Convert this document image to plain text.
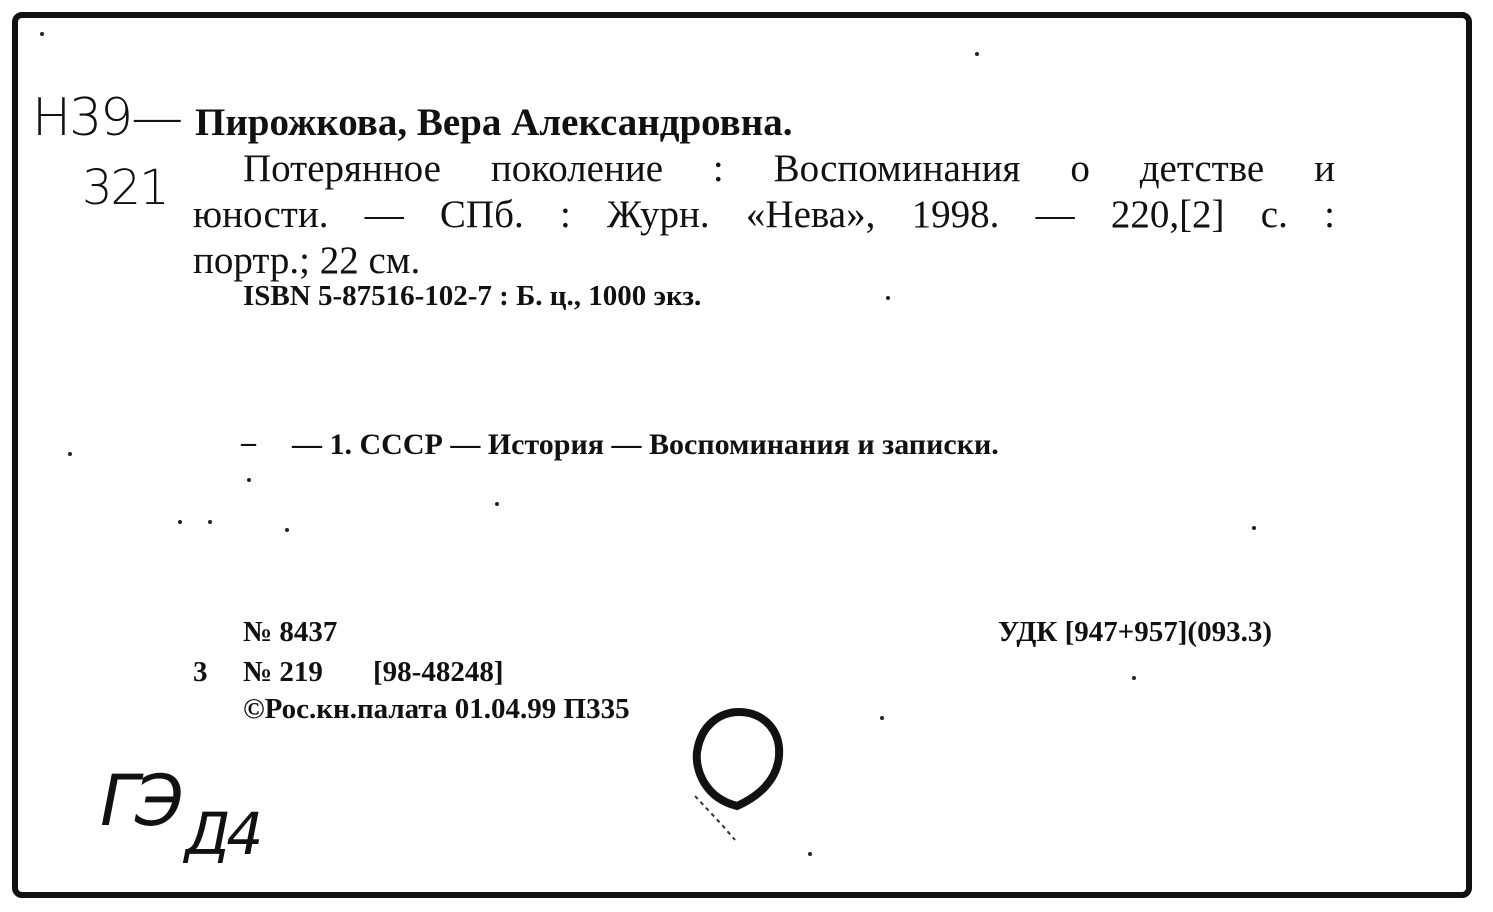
Н39—
321
Пирожкова, Вера Александровна.
Потерянное поколение : Воспоминания о детстве и
юности. — СПб. : Журн. «Нева», 1998. — 220,[2] с. :
портр.; 22 см.
ISBN 5-87516-102-7 : Б. ц., 1000 экз.
— 1. СССР — История — Воспоминания и записки.
–
№ 8437
3 № 219 [98-48248]
©Рос.кн.палата 01.04.99 П335
УДК [947+957](093.3)
ГЭ Д4
